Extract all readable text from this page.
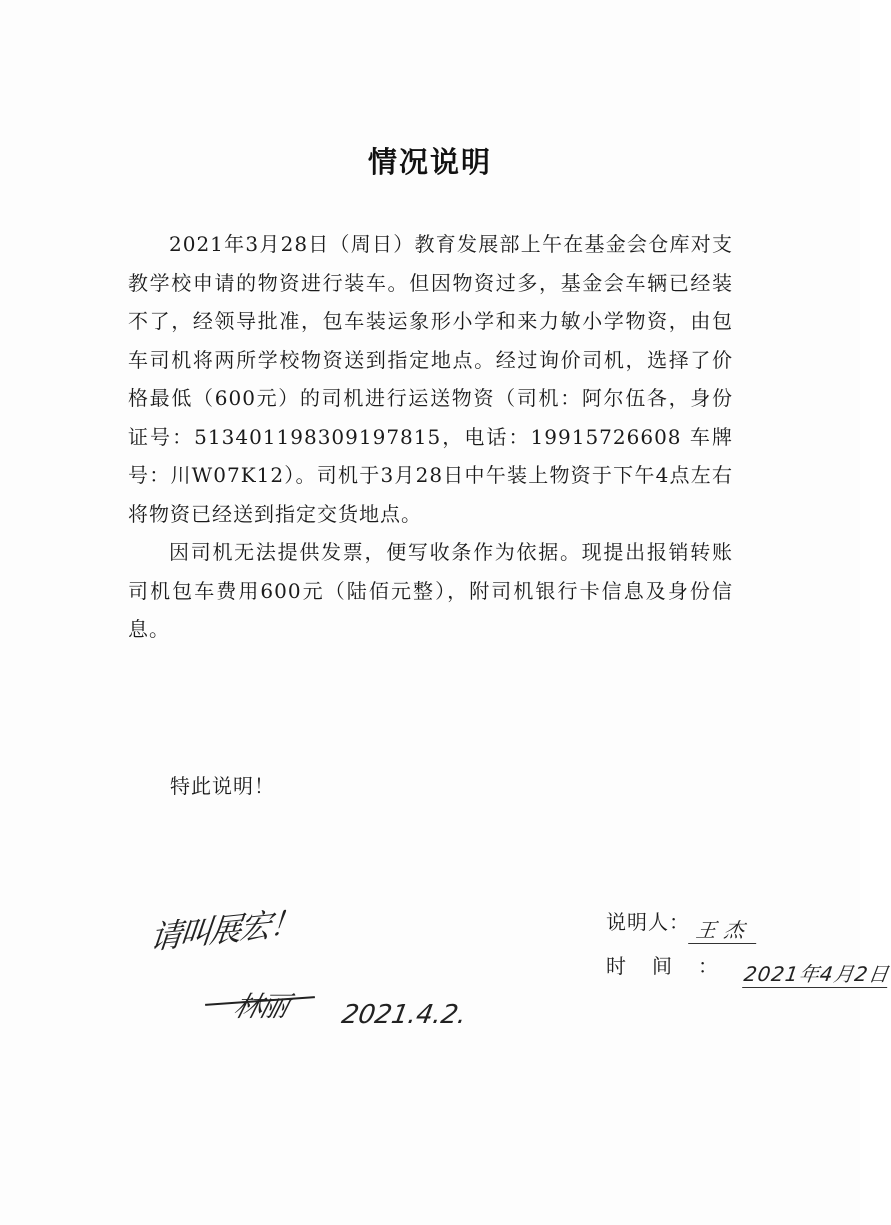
情况说明

2021年3月28日（周日）教育发展部上午在基金会仓库对支教学校申请的物资进行装车。但因物资过多，基金会车辆已经装不了，经领导批准，包车装运象形小学和来力敏小学物资，由包车司机将两所学校物资送到指定地点。经过询价司机，选择了价格最低（600元）的司机进行运送物资（司机：阿尔伍各，身份证号：513401198309197815，电话：19915726608 车牌号：川W07K12）。司机于3月28日中午装上物资于下午4点左右将物资已经送到指定交货地点。

因司机无法提供发票，便写收条作为依据。现提出报销转账司机包车费用600元（陆佰元整），附司机银行卡信息及身份信息。

特此说明！
请叫展宏！
林丽 2021.4.2.
说明人： 王杰
时间：
2021年4月2日
